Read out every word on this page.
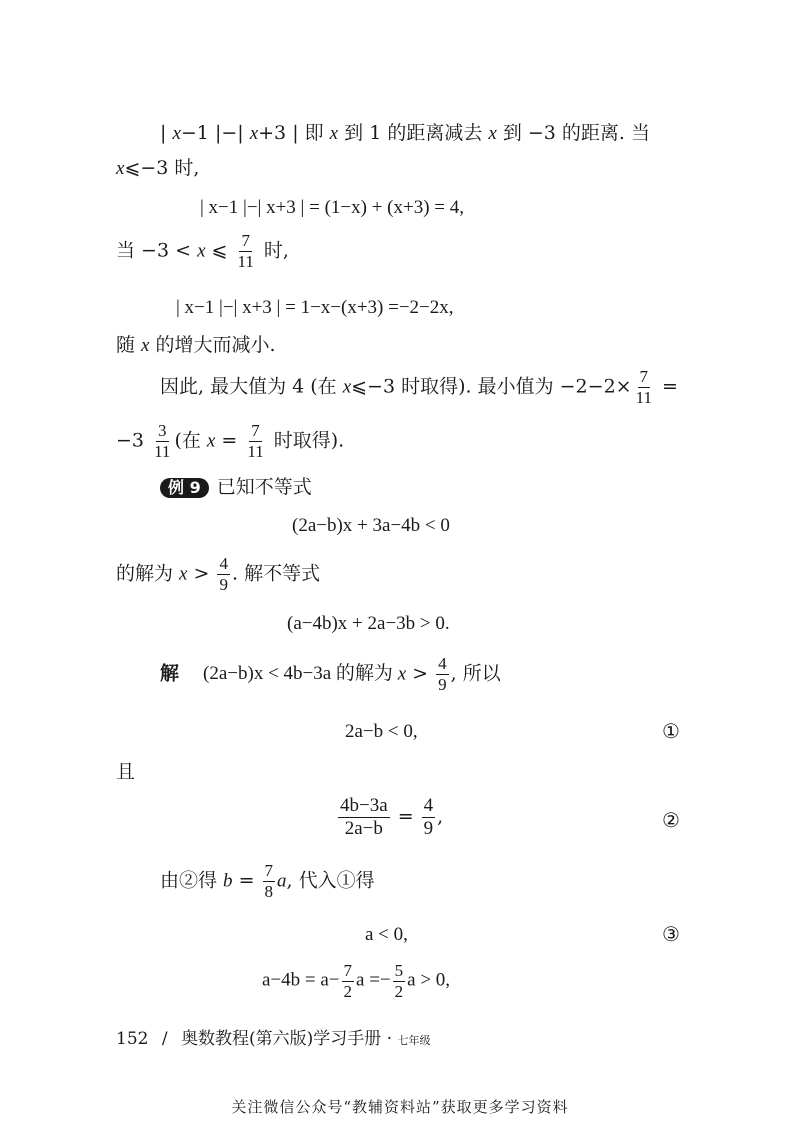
| x−1 |−| x+3 | 即 x 到 1 的距离减去 x 到 −3 的距离. 当
x⩽−3 时,
| x−1 |−| x+3 | = (1−x) + (x+3) = 4,
当 −3 < x ⩽ $\frac{7}{11}$ 时,
| x−1 |−| x+3 | = 1−x−(x+3) =−2−2x,
随 x 的增大而减小.
因此, 最大值为 4 (在 x⩽−3 时取得). 最小值为 $-2-2\times \frac{7}{11}$ =
$-3 \frac{3}{11}$ (在 $x = \frac{7}{11}$ 时取得).
例 9 已知不等式
(2a−b)x + 3a−4b < 0
的解为 $x > \frac{4}{9}$ . 解不等式
(a−4b)x + 2a−3b > 0.
解 (2a−b)x < 4b−3a 的解为 $x > \frac{4}{9}$ , 所以
2a−b < 0,	①
且
$\frac{4b-3a}{2a-b} = \frac{4}{9}$ ,	②
由②得 $b = \frac{7}{8} a$, 代入①得
a < 0,	③
$a-4b = a- \frac{7}{2}$ $a =- \frac{5}{2}$ a > 0,
152 / 奥数教程(第六版)学习手册 · 七年级
关注微信公众号“教辅资料站”获取更多学习资料
